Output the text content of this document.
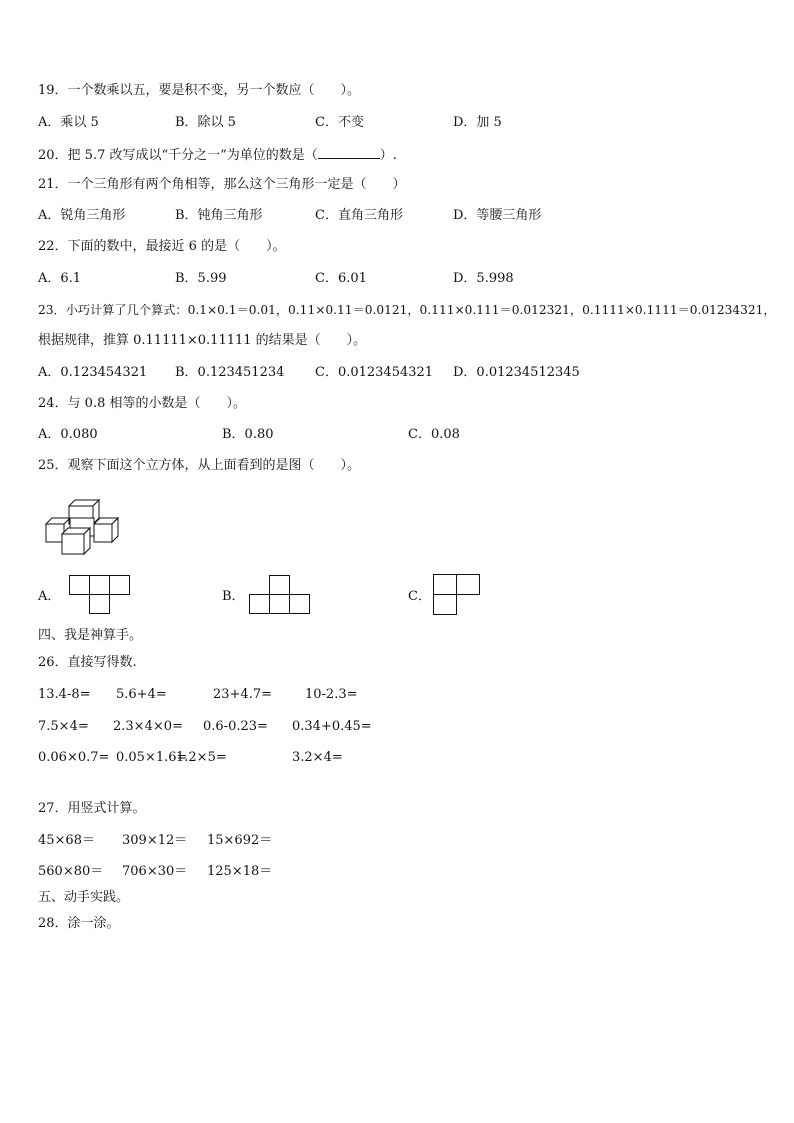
19．一个数乘以五，要是积不变，另一个数应（　　）。
A．乘以 5	B．除以 5	C．不变	D．加 5
20．把 5.7 改写成以“千分之一”为单位的数是（	）.
21．一个三角形有两个角相等，那么这个三角形一定是（　　）
A．锐角三角形	B．钝角三角形	C．直角三角形	D．等腰三角形
22．下面的数中，最接近 6 的是（　　）。
A．6.1	B．5.99	C．6.01	D．5.998
23．小巧计算了几个算式：0.1×0.1＝0.01，0.11×0.11＝0.0121，0.111×0.111＝0.012321，0.1111×0.1111＝0.01234321，
根据规律，推算 0.11111×0.11111 的结果是（　　）。
A．0.123454321 B．0.123451234 C．0.0123454321 D．0.01234512345
24．与 0.8 相等的小数是（　　）。
A．0.080	B．0.80	C．0.08
25．观察下面这个立方体，从上面看到的是图（　　）。
A．	B．	C．
四、我是神算手。
26．直接写得数.
13.4-8= 5.6+4=	23+4.7=	10-2.3=
7.5×4= 2.3×4×0= 0.6-0.23= 0.34+0.45=
0.06×0.7= 0.05×1.6=
1.2×5=	3.2×4=
27．用竖式计算。
45×68＝ 309×12＝ 15×692＝
560×80＝ 706×30＝ 125×18＝
五、动手实践。
28．涂一涂。
